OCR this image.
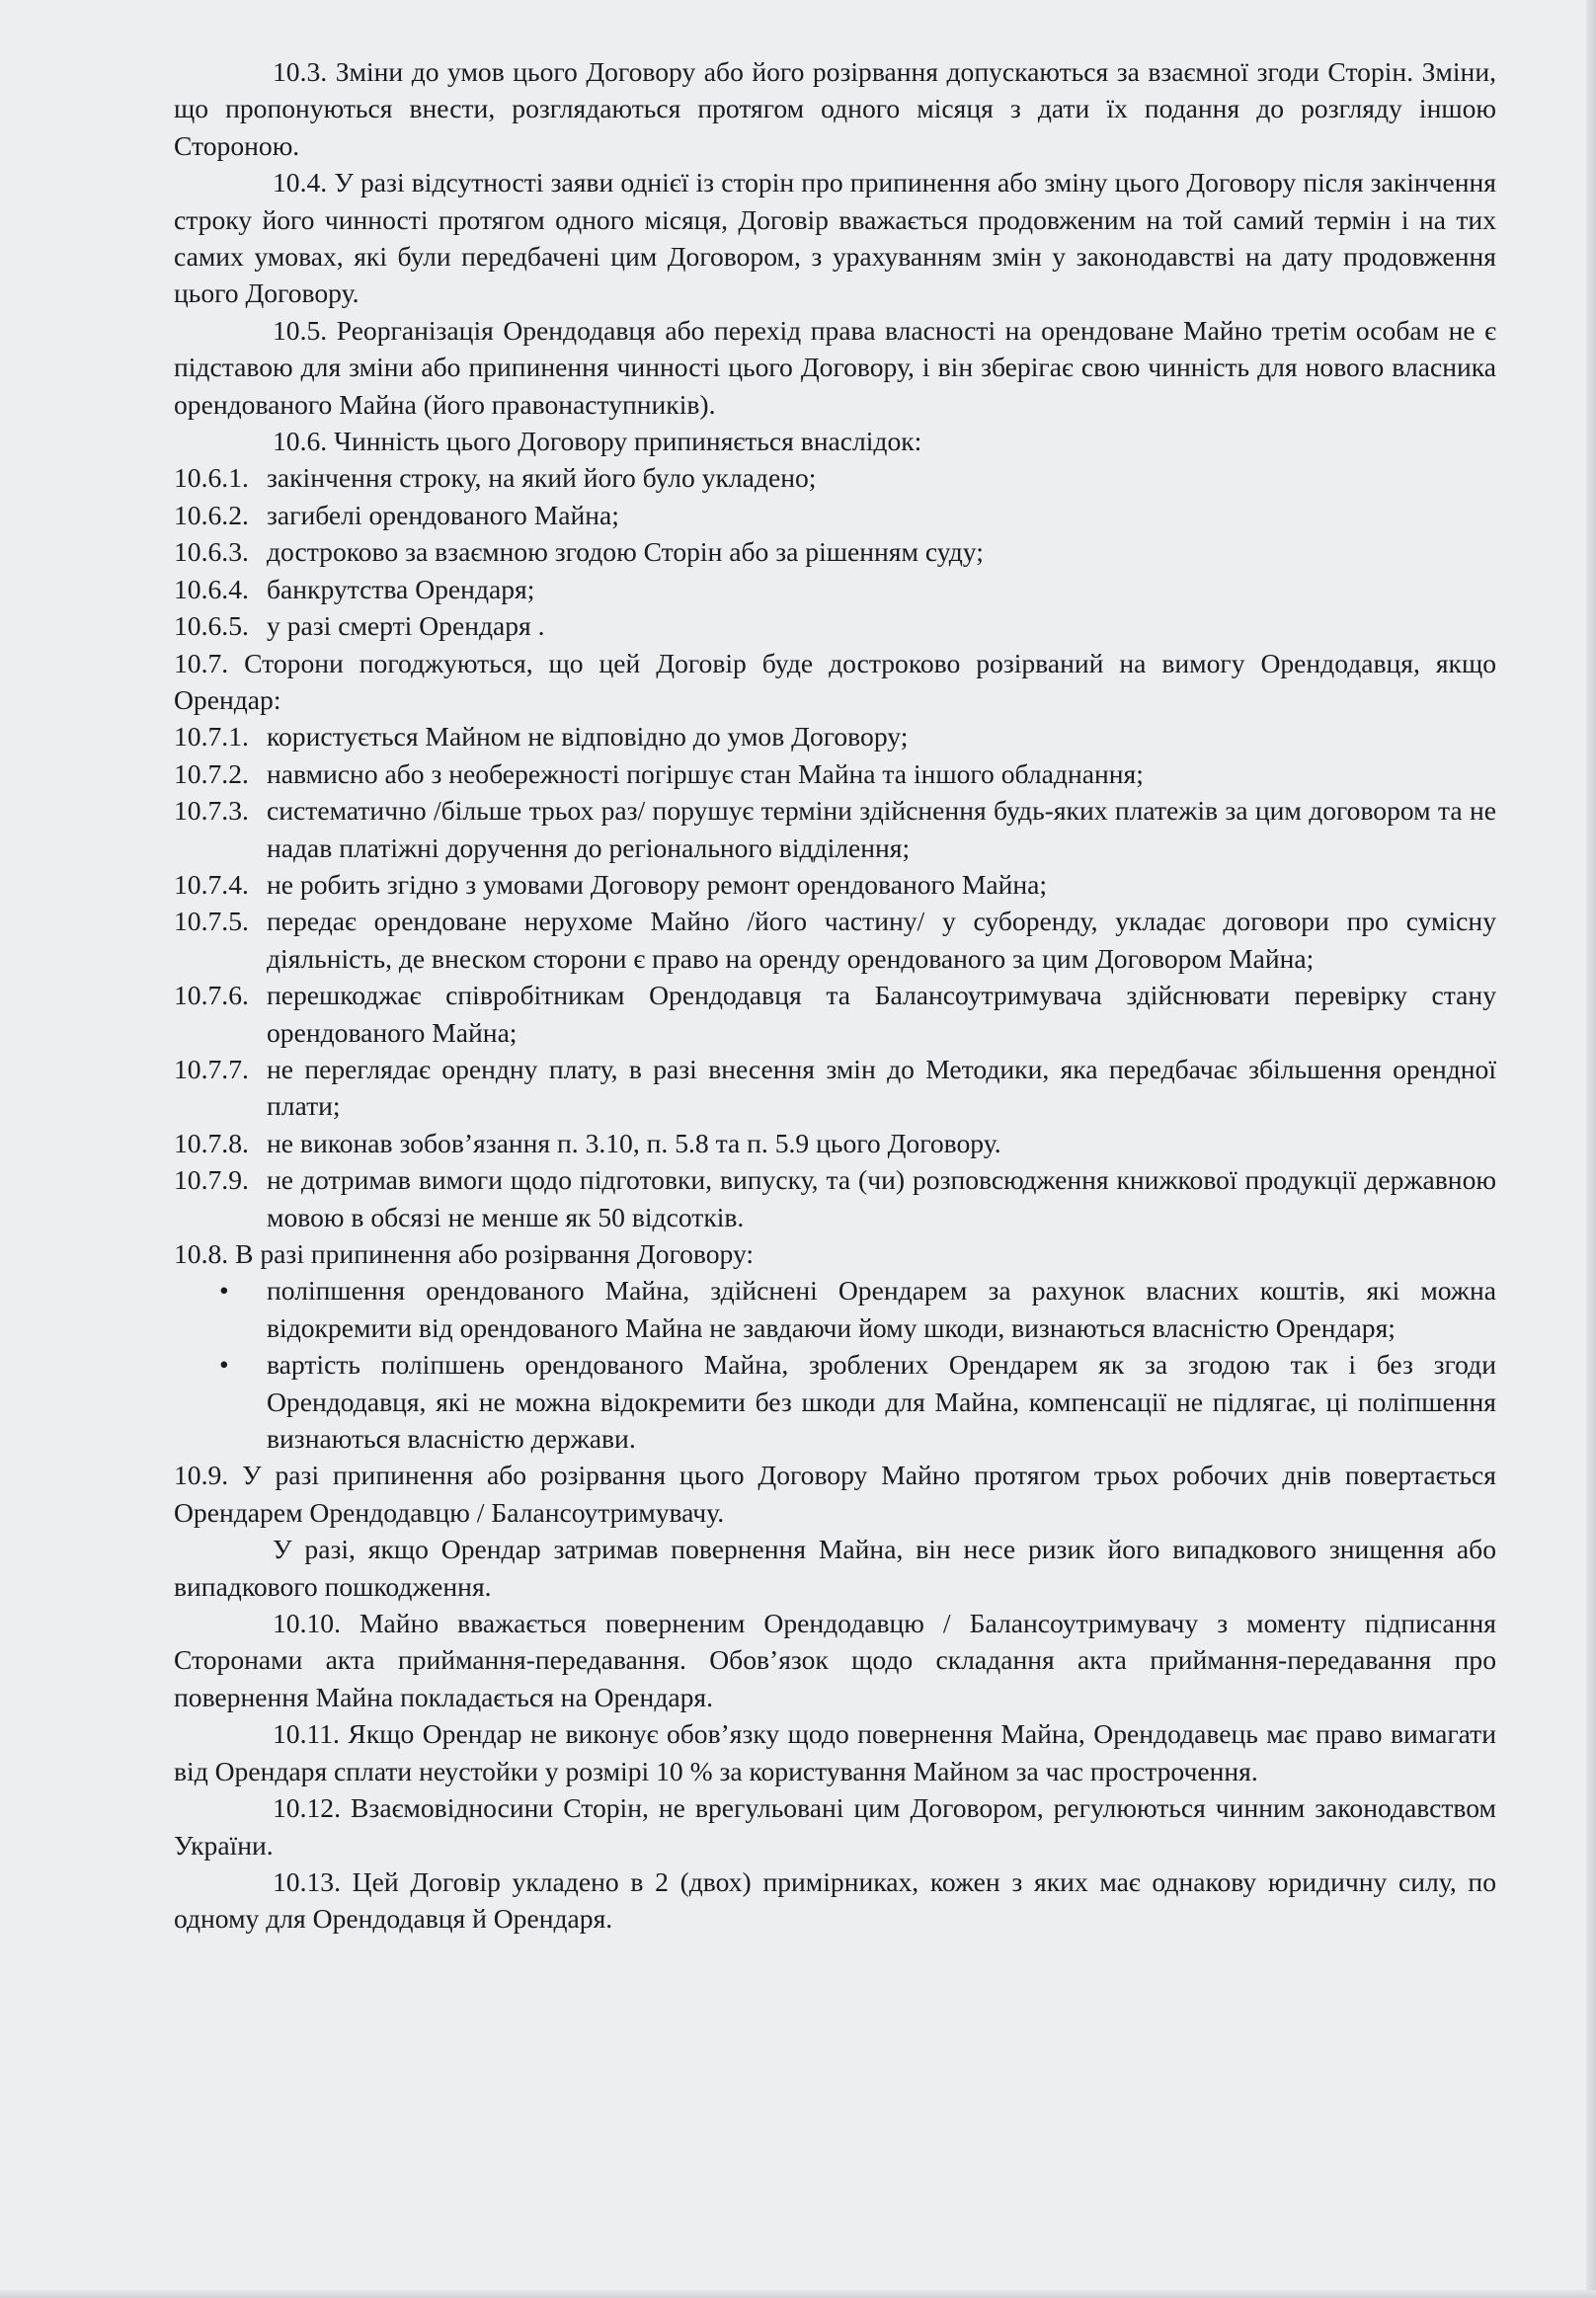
10.3. Зміни до умов цього Договору або його розірвання допускаються за взаємної згоди Сторін. Зміни, що пропонуються внести, розглядаються протягом одного місяця з дати їх подання до розгляду іншою Стороною.

10.4. У разі відсутності заяви однієї із сторін про припинення або зміну цього Договору після закінчення строку його чинності протягом одного місяця, Договір вважається продовженим на той самий термін і на тих самих умовах, які були передбачені цим Договором, з урахуванням змін у законодавстві на дату продовження цього Договору.

10.5. Реорганізація Орендодавця або перехід права власності на орендоване Майно третім особам не є підставою для зміни або припинення чинності цього Договору, і він зберігає свою чинність для нового власника орендованого Майна (його правонаступників).

10.6. Чинність цього Договору припиняється внаслідок:

10.6.1. закінчення строку, на який його було укладено;
10.6.2. загибелі орендованого Майна;
10.6.3. достроково за взаємною згодою Сторін або за рішенням суду;
10.6.4. банкрутства Орендаря;
10.6.5. у разі смерті Орендаря .

10.7. Сторони погоджуються, що цей Договір буде достроково розірваний на вимогу Орендодавця, якщо Орендар:

10.7.1. користується Майном не відповідно до умов Договору;
10.7.2. навмисно або з необережності погіршує стан Майна та іншого обладнання;
10.7.3. систематично /більше трьох раз/ порушує терміни здійснення будь-яких платежів за цим договором та не надав платіжні доручення до регіонального відділення;
10.7.4. не робить згідно з умовами Договору ремонт орендованого Майна;
10.7.5. передає орендоване нерухоме Майно /його частину/ у суборенду, укладає договори про сумісну діяльність, де внеском сторони є право на оренду орендованого за цим Договором Майна;
10.7.6. перешкоджає співробітникам Орендодавця та Балансоутримувача здійснювати перевірку стану орендованого Майна;
10.7.7. не переглядає орендну плату, в разі внесення змін до Методики, яка передбачає збільшення орендної плати;
10.7.8. не виконав зобов’язання п. 3.10, п. 5.8 та п. 5.9 цього Договору.
10.7.9. не дотримав вимоги щодо підготовки, випуску, та (чи) розповсюдження книжкової продукції державною мовою в обсязі не менше як 50 відсотків.

10.8. В разі припинення або розірвання Договору:

•	поліпшення орендованого Майна, здійснені Орендарем за рахунок власних коштів, які можна відокремити від орендованого Майна не завдаючи йому шкоди, визнаються власністю Орендаря;
•	вартість поліпшень орендованого Майна, зроблених Орендарем як за згодою так і без згоди Орендодавця, які не можна відокремити без шкоди для Майна, компенсації не підлягає, ці поліпшення визнаються власністю держави.

10.9. У разі припинення або розірвання цього Договору Майно протягом трьох робочих днів повертається Орендарем Орендодавцю / Балансоутримувачу.

У разі, якщо Орендар затримав повернення Майна, він несе ризик його випадкового знищення або випадкового пошкодження.

10.10. Майно вважається поверненим Орендодавцю / Балансоутримувачу з моменту підписання Сторонами акта приймання-передавання. Обов’язок щодо складання акта приймання-передавання про повернення Майна покладається на Орендаря.

10.11. Якщо Орендар не виконує обов’язку щодо повернення Майна, Орендодавець має право вимагати від Орендаря сплати неустойки у розмірі 10 % за користування Майном за час прострочення.

10.12. Взаємовідносини Сторін, не врегульовані цим Договором, регулюються чинним законодавством України.

10.13. Цей Договір укладено в 2 (двох) примірниках, кожен з яких має однакову юридичну силу, по одному для Орендодавця й Орендаря.
